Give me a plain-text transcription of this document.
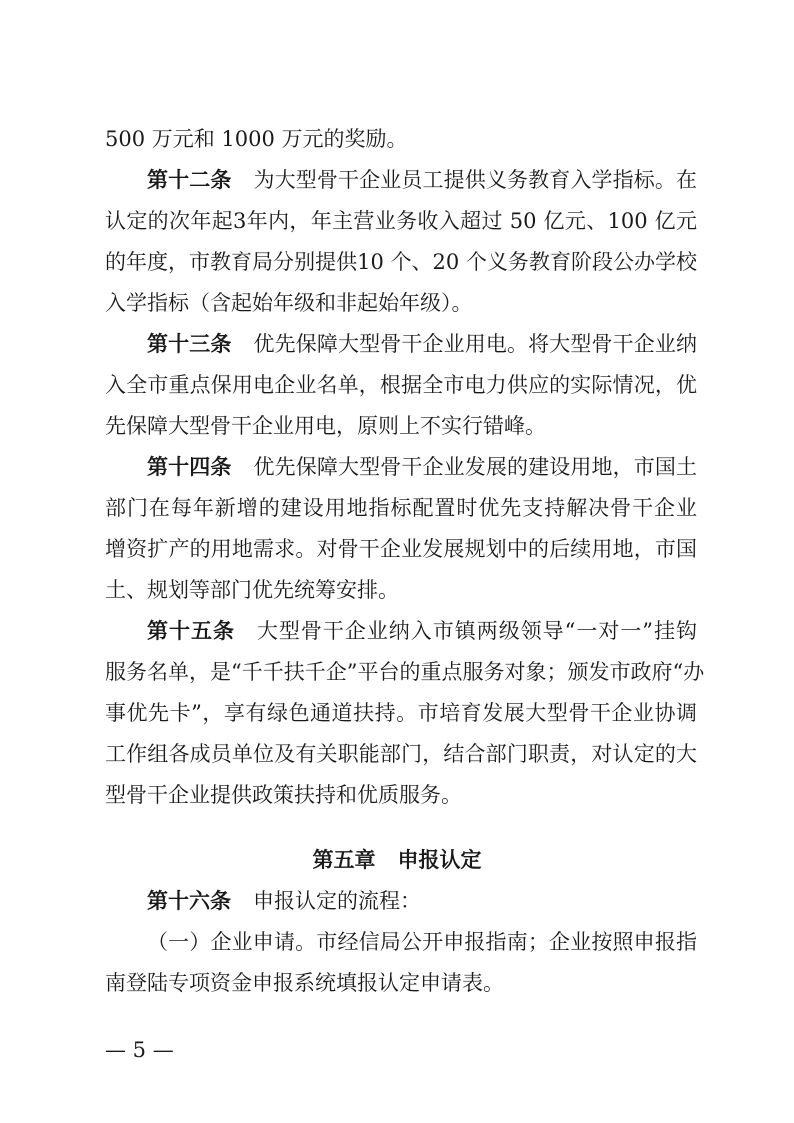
500 万元和 1000 万元的奖励。
第十二条 为大型骨干企业员工提供义务教育入学指标。在
认定的次年起3年内，年主营业务收入超过 50 亿元、100 亿元
的年度，市教育局分别提供10 个、20 个义务教育阶段公办学校
入学指标（含起始年级和非起始年级）。
第十三条 优先保障大型骨干企业用电。将大型骨干企业纳
入全市重点保用电企业名单，根据全市电力供应的实际情况，优
先保障大型骨干企业用电，原则上不实行错峰。
第十四条 优先保障大型骨干企业发展的建设用地，市国土
部门在每年新增的建设用地指标配置时优先支持解决骨干企业
增资扩产的用地需求。对骨干企业发展规划中的后续用地，市国
土、规划等部门优先统筹安排。
第十五条 大型骨干企业纳入市镇两级领导“一对一”挂钩
服务名单，是“千千扶千企”平台的重点服务对象；颁发市政府“办
事优先卡”，享有绿色通道扶持。市培育发展大型骨干企业协调
工作组各成员单位及有关职能部门，结合部门职责，对认定的大
型骨干企业提供政策扶持和优质服务。
第五章 申报认定
第十六条 申报认定的流程：
（一）企业申请。市经信局公开申报指南；企业按照申报指
南登陆专项资金申报系统填报认定申请表。
— 5 —
